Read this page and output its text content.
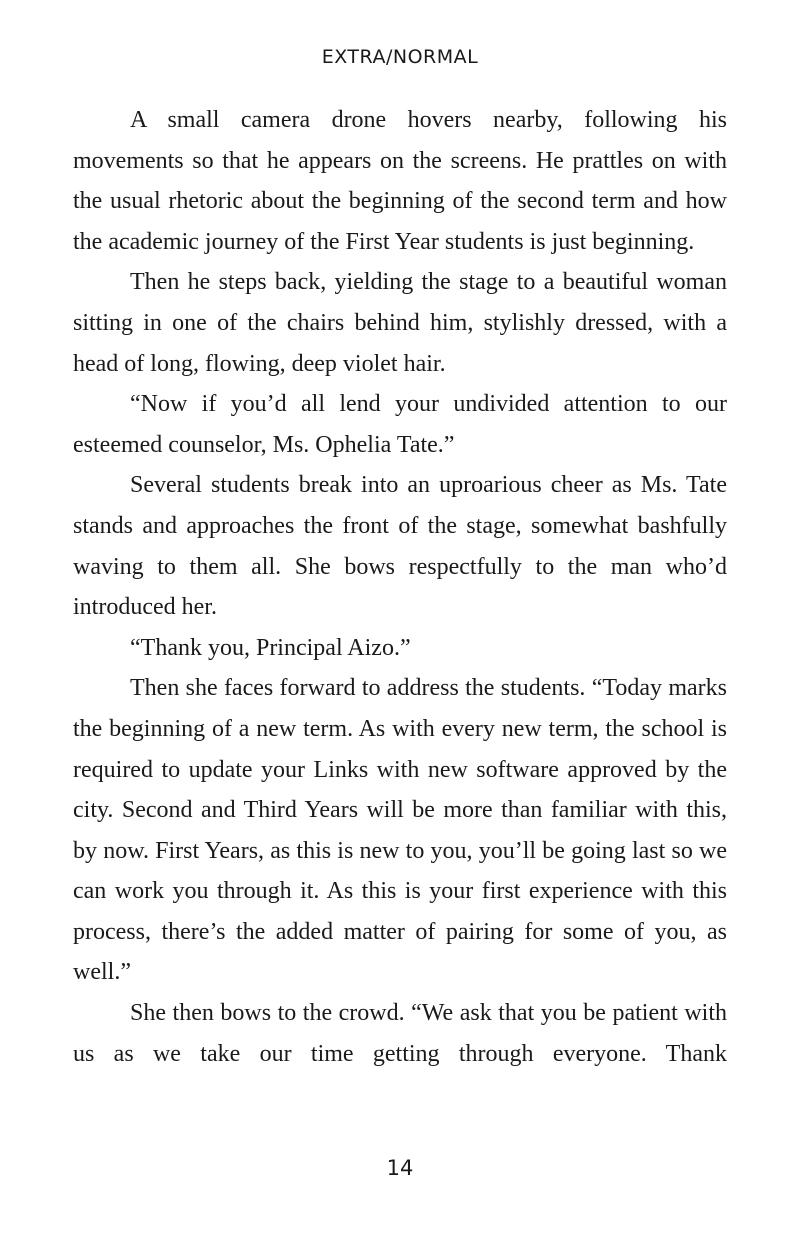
EXTRA/NORMAL

A small camera drone hovers nearby, following his movements so that he appears on the screens. He prattles on with the usual rhetoric about the beginning of the second term and how the academic journey of the First Year students is just beginning.

Then he steps back, yielding the stage to a beautiful woman sitting in one of the chairs behind him, stylishly dressed, with a head of long, flowing, deep violet hair.

“Now if you’d all lend your undivided attention to our esteemed counselor, Ms. Ophelia Tate.”

Several students break into an uproarious cheer as Ms. Tate stands and approaches the front of the stage, somewhat bashfully waving to them all. She bows respectfully to the man who’d introduced her.

“Thank you, Principal Aizo.”

Then she faces forward to address the students. “Today marks the beginning of a new term. As with every new term, the school is required to update your Links with new software approved by the city. Second and Third Years will be more than familiar with this, by now. First Years, as this is new to you, you’ll be going last so we can work you through it. As this is your first experience with this process, there’s the added matter of pairing for some of you, as well.”

She then bows to the crowd. “We ask that you be patient with us as we take our time getting through everyone. Thank

14
